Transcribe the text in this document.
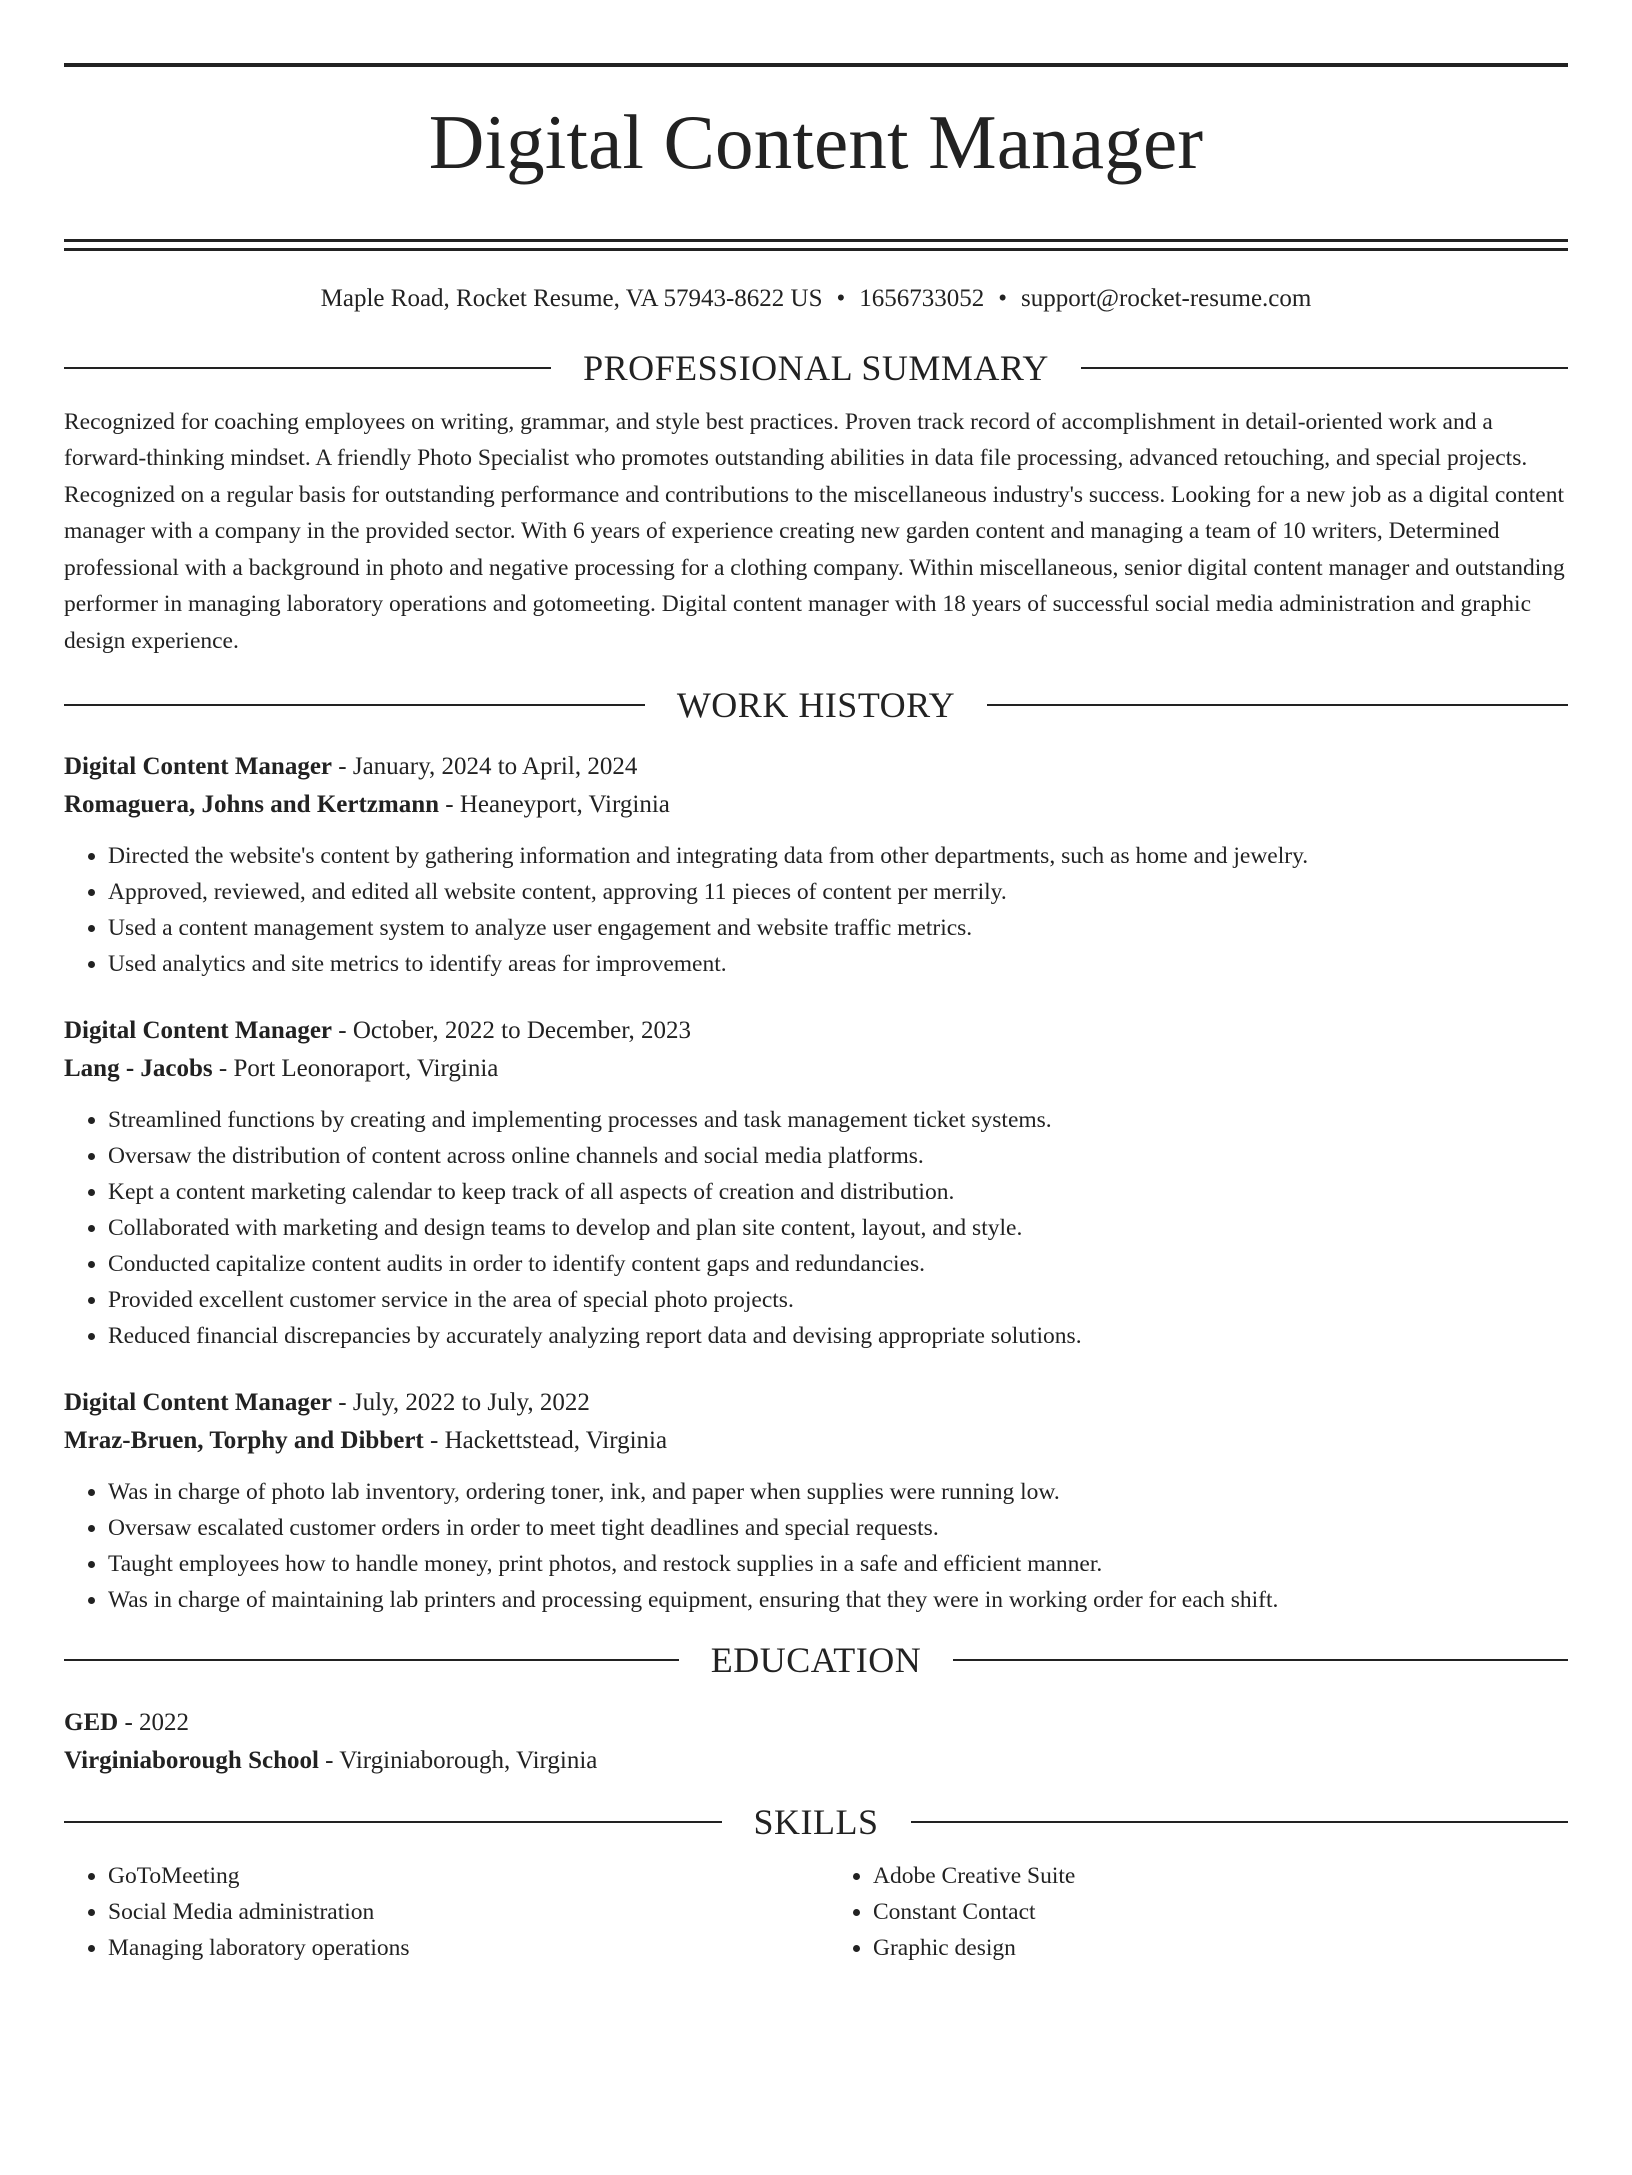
Digital Content Manager
Maple Road, Rocket Resume, VA 57943-8622 US • 1656733052 • support@rocket-resume.com
PROFESSIONAL SUMMARY

Recognized for coaching employees on writing, grammar, and style best practices. Proven track record of accomplishment in detail-oriented work and a forward-thinking mindset. A friendly Photo Specialist who promotes outstanding abilities in data file processing, advanced retouching, and special projects. Recognized on a regular basis for outstanding performance and contributions to the miscellaneous industry's success. Looking for a new job as a digital content manager with a company in the provided sector. With 6 years of experience creating new garden content and managing a team of 10 writers, Determined professional with a background in photo and negative processing for a clothing company. Within miscellaneous, senior digital content manager and outstanding performer in managing laboratory operations and gotomeeting. Digital content manager with 18 years of successful social media administration and graphic design experience.

WORK HISTORY
Digital Content Manager - January, 2024 to April, 2024
Romaguera, Johns and Kertzmann - Heaneyport, Virginia
• Directed the website's content by gathering information and integrating data from other departments, such as home and jewelry.
• Approved, reviewed, and edited all website content, approving 11 pieces of content per merrily.
• Used a content management system to analyze user engagement and website traffic metrics.
• Used analytics and site metrics to identify areas for improvement.
Digital Content Manager - October, 2022 to December, 2023
Lang - Jacobs - Port Leonoraport, Virginia
• Streamlined functions by creating and implementing processes and task management ticket systems.
• Oversaw the distribution of content across online channels and social media platforms.
• Kept a content marketing calendar to keep track of all aspects of creation and distribution.
• Collaborated with marketing and design teams to develop and plan site content, layout, and style.
• Conducted capitalize content audits in order to identify content gaps and redundancies.
• Provided excellent customer service in the area of special photo projects.
• Reduced financial discrepancies by accurately analyzing report data and devising appropriate solutions.
Digital Content Manager - July, 2022 to July, 2022
Mraz-Bruen, Torphy and Dibbert - Hackettstead, Virginia
• Was in charge of photo lab inventory, ordering toner, ink, and paper when supplies were running low.
• Oversaw escalated customer orders in order to meet tight deadlines and special requests.
• Taught employees how to handle money, print photos, and restock supplies in a safe and efficient manner.
• Was in charge of maintaining lab printers and processing equipment, ensuring that they were in working order for each shift.
EDUCATION
GED - 2022
Virginiaborough School - Virginiaborough, Virginia
SKILLS
• GoToMeeting
• Social Media administration
• Managing laboratory operations
• Adobe Creative Suite
• Constant Contact
• Graphic design
